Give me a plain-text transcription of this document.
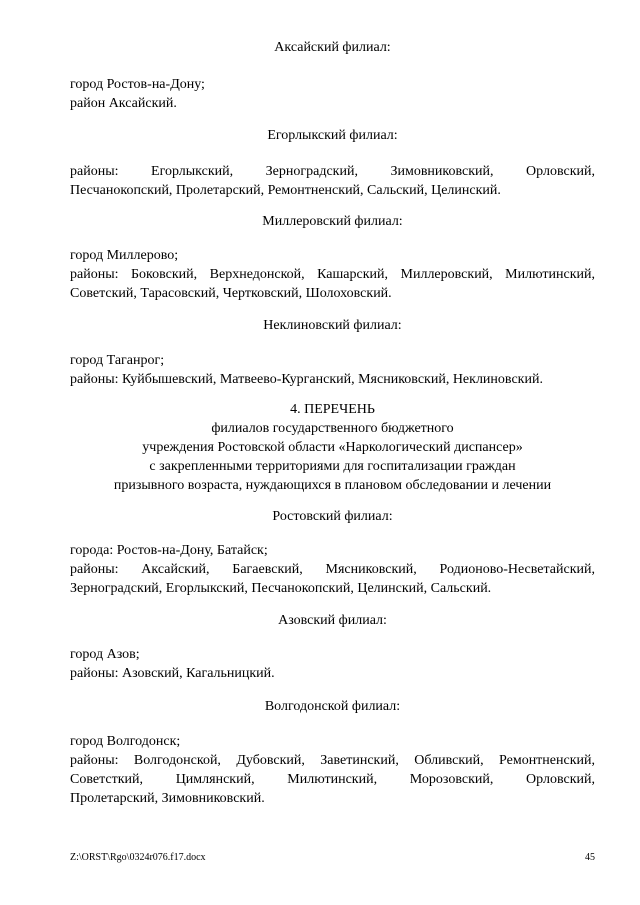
Аксайский филиал:
город Ростов-на-Дону;
район Аксайский.
Егорлыкский филиал:
районы: Егорлыкский, Зерноградский, Зимовниковский, Орловский,
Песчанокопский, Пролетарский, Ремонтненский, Сальский, Целинский.
Миллеровский филиал:
город Миллерово;
районы: Боковский, Верхнедонской, Кашарский, Миллеровский, Милютинский,
Советский, Тарасовский, Чертковский, Шолоховский.
Неклиновский филиал:
город Таганрог;
районы: Куйбышевский, Матвеево-Курганский, Мясниковский, Неклиновский.
4. ПЕРЕЧЕНЬ
филиалов государственного бюджетного
учреждения Ростовской области «Наркологический диспансер»
с закрепленными территориями для госпитализации граждан
призывного возраста, нуждающихся в плановом обследовании и лечении
Ростовский филиал:
города: Ростов-на-Дону, Батайск;
районы: Аксайский, Багаевский, Мясниковский, Родионово-Несветайский,
Зерноградский, Егорлыкский, Песчанокопский, Целинский, Сальский.
Азовский филиал:
город Азов;
районы: Азовский, Кагальницкий.
Волгодонской филиал:
город Волгодонск;
районы: Волгодонской, Дубовский, Заветинский, Обливский, Ремонтненский,
Советсткий, Цимлянский, Милютинский, Морозовский, Орловский,
Пролетарский, Зимовниковский.
Z:\ORST\Rgo\0324r076.f17.docx	45
